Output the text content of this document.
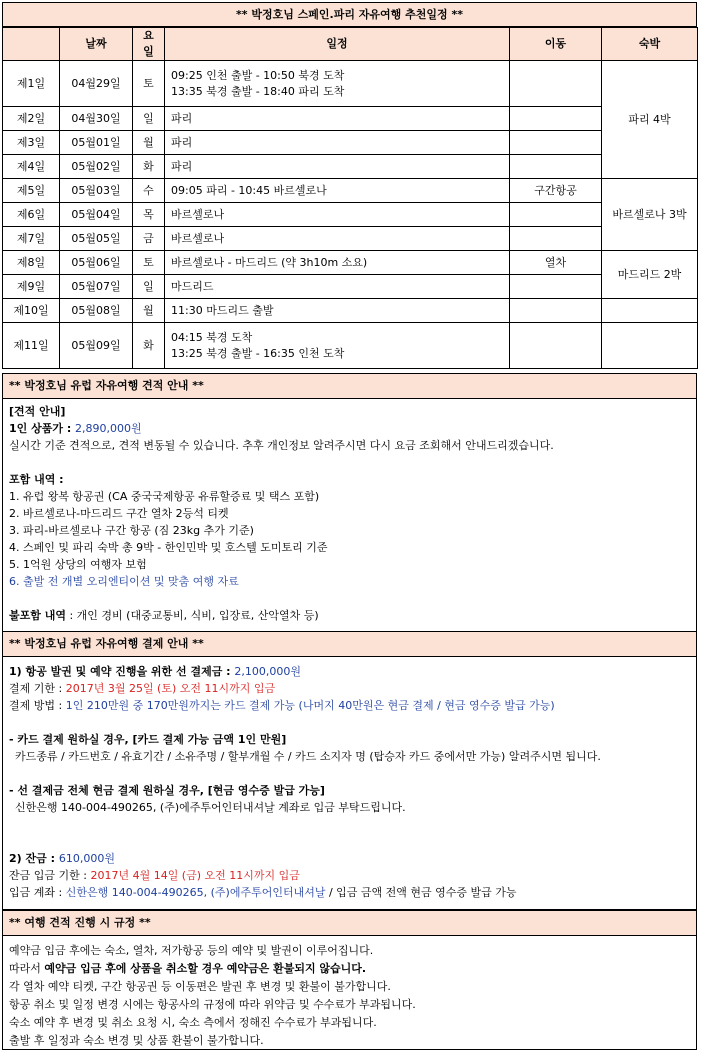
** 박정호님 스페인.파리 자유여행 추천일정 **
	날짜	요일	일정	이동	숙박
제1일	04월29일	토	09:25 인천 출발 - 10:50 북경 도착
13:35 북경 출발 - 18:40 파리 도착		파리 4박
제2일	04월30일	일	파리		
제3일	05월01일	월	파리		
제4일	05월02일	화	파리		
제5일	05월03일	수	09:05 파리 - 10:45 바르셀로나	구간항공	바르셀로나 3박
제6일	05월04일	목	바르셀로나		
제7일	05월05일	금	바르셀로나		
제8일	05월06일	토	바르셀로나 - 마드리드 (약 3h10m 소요)	열차	마드리드 2박
제9일	05월07일	일	마드리드		
제10일	05월08일	월	11:30 마드리드 출발		
제11일	05월09일	화	04:15 북경 도착
13:25 북경 출발 - 16:35 인천 도착		

** 박정호님 유럽 자유여행 견적 안내 **
[견적 안내]
1인 상품가 : 2,890,000원
실시간 기준 견적으로, 견적 변동될 수 있습니다. 추후 개인정보 알려주시면 다시 요금 조회해서 안내드리겠습니다.
포함 내역 :
1. 유럽 왕복 항공권 (CA 중국국제항공 유류할증료 및 택스 포함)
2. 바르셀로나-마드리드 구간 열차 2등석 티켓
3. 파리-바르셀로나 구간 항공 (짐 23kg 추가 기준)
4. 스페인 및 파리 숙박 총 9박 - 한인민박 및 호스텔 도미토리 기준
5. 1억원 상당의 여행자 보험
6. 출발 전 개별 오리엔티이션 및 맞춤 여행 자료
불포함 내역 : 개인 경비 (대중교통비, 식비, 입장료, 산악열차 등)
** 박정호님 유럽 자유여행 결제 안내 **
1) 항공 발권 및 예약 진행을 위한 선 결제금 : 2,100,000원
결제 기한 : 2017년 3월 25일 (토) 오전 11시까지 입금
결제 방법 : 1인 210만원 중 170만원까지는 카드 결제 가능 (나머지 40만원은 현금 결제 / 현금 영수증 발급 가능)
- 카드 결제 원하실 경우, [카드 결제 가능 금액 1인 만원]
카드종류 / 카드번호 / 유효기간 / 소유주명 / 할부개월 수 / 카드 소지자 명 (탑승자 카드 중에서만 가능) 알려주시면 됩니다.
- 선 결제금 전체 현금 결제 원하실 경우, [현금 영수증 발급 가능]
신한은행 140-004-490265, (주)에주투어인터내셔날 계좌로 입금 부탁드립니다.
2) 잔금 : 610,000원
잔금 입금 기한 : 2017년 4월 14일 (금) 오전 11시까지 입금
입금 계좌 : 신한은행 140-004-490265, (주)에주투어인터내셔날 / 입금 금액 전액 현금 영수증 발급 가능
** 여행 견적 진행 시 규정 **
예약금 입금 후에는 숙소, 열차, 저가항공 등의 예약 및 발권이 이루어집니다.
따라서 예약금 입금 후에 상품을 취소할 경우 예약금은 환불되지 않습니다.
각 열차 예약 티켓, 구간 항공권 등 이동편은 발권 후 변경 및 환불이 불가합니다.
항공 취소 및 일정 변경 시에는 항공사의 규정에 따라 위약금 및 수수료가 부과됩니다.
숙소 예약 후 변경 및 취소 요청 시, 숙소 측에서 정해진 수수료가 부과됩니다.
출발 후 일정과 숙소 변경 및 상품 환불이 불가합니다.
